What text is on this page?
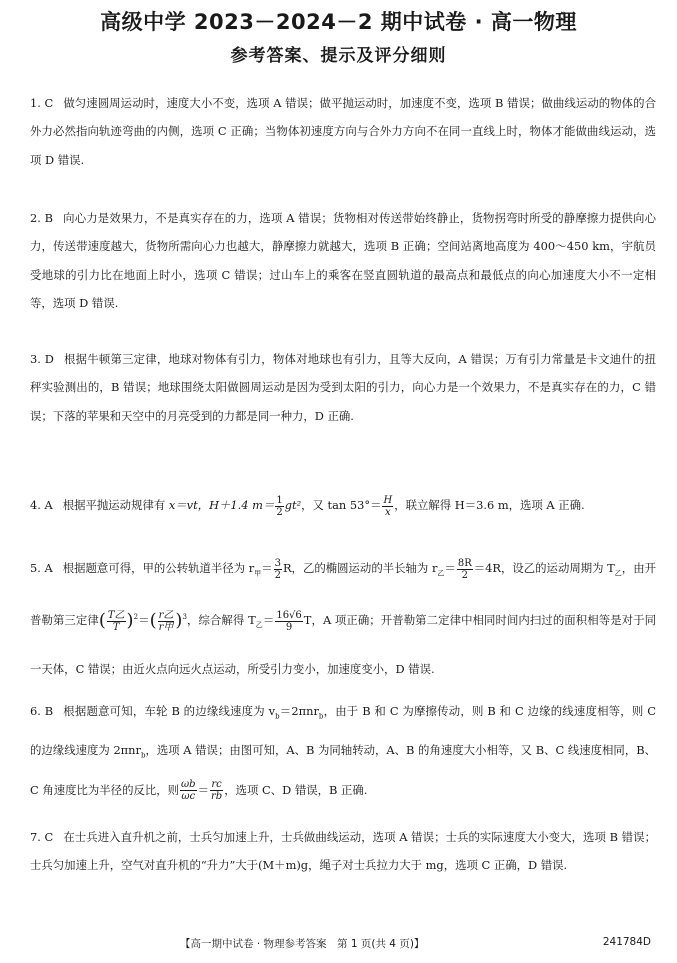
高级中学 2023－2024－2 期中试卷 · 高一物理
参考答案、提示及评分细则
1. C 做匀速圆周运动时，速度大小不变，选项 A 错误；做平抛运动时，加速度不变，选项 B 错误；做曲线运动的物体的合外力必然指向轨迹弯曲的内侧，选项 C 正确；当物体初速度方向与合外力方向不在同一直线上时，物体才能做曲线运动，选项 D 错误.
2. B 向心力是效果力，不是真实存在的力，选项 A 错误；货物相对传送带始终静止，货物拐弯时所受的静摩擦力提供向心力，传送带速度越大，货物所需向心力也越大，静摩擦力就越大，选项 B 正确；空间站离地高度为 400～450 km，宇航员受地球的引力比在地面上时小，选项 C 错误；过山车上的乘客在竖直圆轨道的最高点和最低点的向心加速度大小不一定相等，选项 D 错误.
3. D 根据牛顿第三定律，地球对物体有引力，物体对地球也有引力，且等大反向，A 错误；万有引力常量是卡文迪什的扭秤实验测出的，B 错误；地球围绕太阳做圆周运动是因为受到太阳的引力，向心力是一个效果力，不是真实存在的力，C 错误；下落的苹果和天空中的月亮受到的力都是同一种力，D 正确.
4. A 根据平抛运动规律有 x＝vt，H＋1.4 $m= \frac{1}{2} gt^2$，又 $\tan 53^\circ= \frac{H}{x}$ ，联立解得 H＝3.6 m，选项 A 正确.
5. A 根据题意可得，甲的公转轨道半径为 $r_甲= \frac{3}{2}$ R，乙的椭圆运动的半长轴为 $r_乙= \frac{8R}{2} =4R$，设乙的运动周期为 $T_乙$，由开普勒第三定律( $\frac{\text{T乙}}{T} )^2=( \frac{\text{r乙}}{\text{r甲}} )^3$，综合解得 $T_乙= \frac{16√6}{9}$ T，A 项正确；开普勒第二定律中相同时间内扫过的面积相等是对于同一天体，C 错误；由近火点向远火点运动，所受引力变小，加速度变小，D 错误.
6. B 根据题意可知，车轮 B 的边缘线速度为 $v_b=2\pi nr_b$，由于 B 和 C 为摩擦传动，则 B 和 C 边缘的线速度相等，则 C 的边缘线速度为 2πnr$_b$，选项 A 错误；由图可知，A、B 为同轴转动，A、B 的角速度大小相等，又 B、C 线速度相同，B、C 角速度比为半径的反比，则 $\frac{\omega b}{\omega c} = \frac{rc}{rb}$ ，选项 C、D 错误，B 正确.
7. C 在士兵进入直升机之前，士兵匀加速上升，士兵做曲线运动，选项 A 错误；士兵的实际速度大小变大，选项 B 错误；士兵匀加速上升，空气对直升机的“升力”大于(M＋m)g，绳子对士兵拉力大于 mg，选项 C 正确，D 错误.
【高一期中试卷 · 物理参考答案　第 1 页(共 4 页)】	241784D
